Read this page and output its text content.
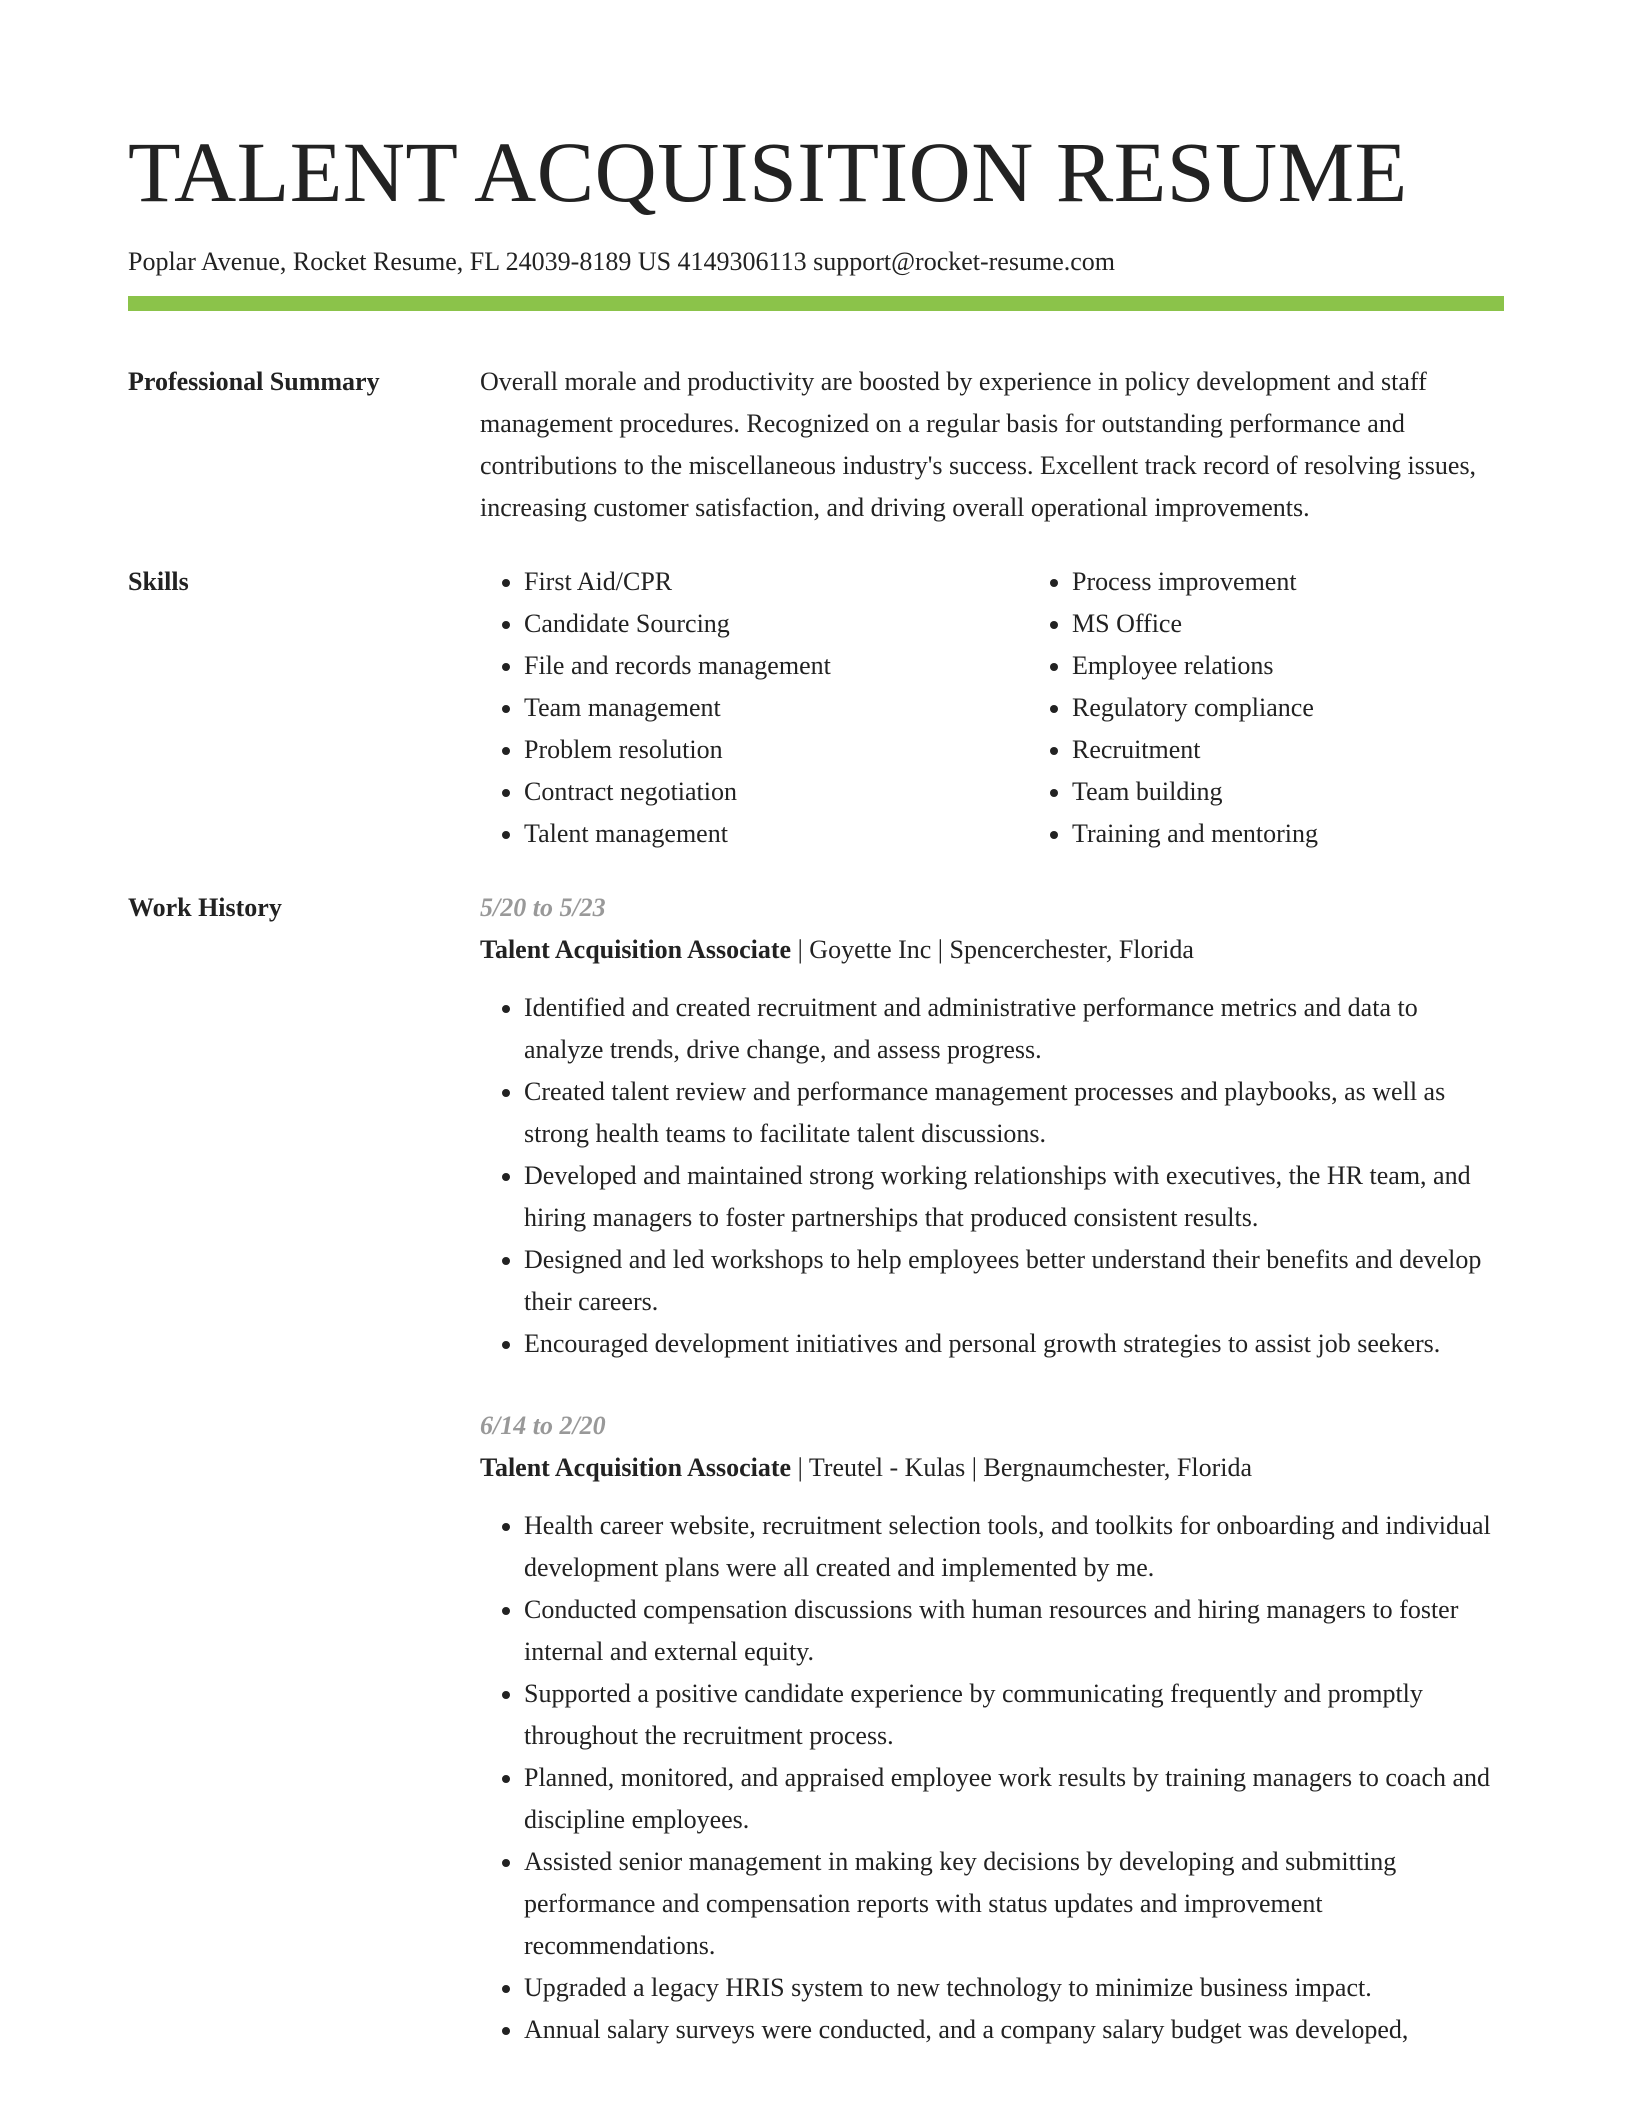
TALENT ACQUISITION RESUME
Poplar Avenue, Rocket Resume, FL 24039-8189 US 4149306113 support@rocket-resume.com
Professional Summary	Overall morale and productivity are boosted by experience in policy development and staff management procedures. Recognized on a regular basis for outstanding performance and contributions to the miscellaneous industry's success. Excellent track record of resolving issues, increasing customer satisfaction, and driving overall operational improvements.

Skills
•	First Aid/CPR
• Candidate Sourcing
• File and records management
• Team management
• Problem resolution
• Contract negotiation
• Talent management
• Process improvement
• MS Office
• Employee relations
• Regulatory compliance
• Recruitment
• Team building
• Training and mentoring
Work History	5/20 to 5/23
Talent Acquisition Associate | Goyette Inc | Spencerchester, Florida
• Identified and created recruitment and administrative performance metrics and data to analyze trends, drive change, and assess progress.
• Created talent review and performance management processes and playbooks, as well as strong health teams to facilitate talent discussions.
• Developed and maintained strong working relationships with executives, the HR team, and hiring managers to foster partnerships that produced consistent results.
• Designed and led workshops to help employees better understand their benefits and develop their careers.
• Encouraged development initiatives and personal growth strategies to assist job seekers.
6/14 to 2/20
Talent Acquisition Associate | Treutel - Kulas | Bergnaumchester, Florida
• Health career website, recruitment selection tools, and toolkits for onboarding and individual development plans were all created and implemented by me.
• Conducted compensation discussions with human resources and hiring managers to foster internal and external equity.
• Supported a positive candidate experience by communicating frequently and promptly throughout the recruitment process.
• Planned, monitored, and appraised employee work results by training managers to coach and discipline employees.
• Assisted senior management in making key decisions by developing and submitting performance and compensation reports with status updates and improvement recommendations.
• Upgraded a legacy HRIS system to new technology to minimize business impact.
• Annual salary surveys were conducted, and a company salary budget was developed,
